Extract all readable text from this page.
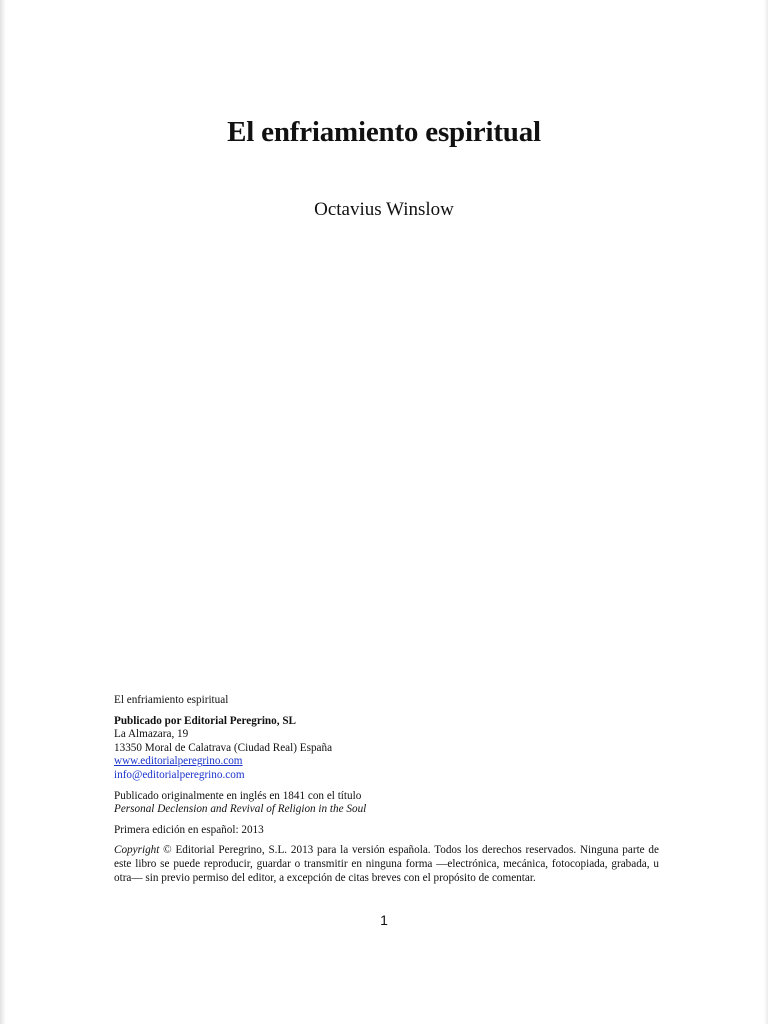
El enfriamiento espiritual

Octavius Winslow

El enfriamiento espiritual

Publicado por Editorial Peregrino, SL

La Almazara, 19

13350 Moral de Calatrava (Ciudad Real) España

www.editorialperegrino.com

info@editorialperegrino.com

Publicado originalmente en inglés en 1841 con el título

Personal Declension and Revival of Religion in the Soul

Primera edición en español: 2013

Copyright © Editorial Peregrino, S.L. 2013 para la versión española. Todos los derechos reservados. Ninguna parte de este libro se puede reproducir, guardar o transmitir en ninguna forma —electrónica, mecánica, fotocopiada, grabada, u otra— sin previo permiso del editor, a excepción de citas breves con el propósito de comentar.

1
